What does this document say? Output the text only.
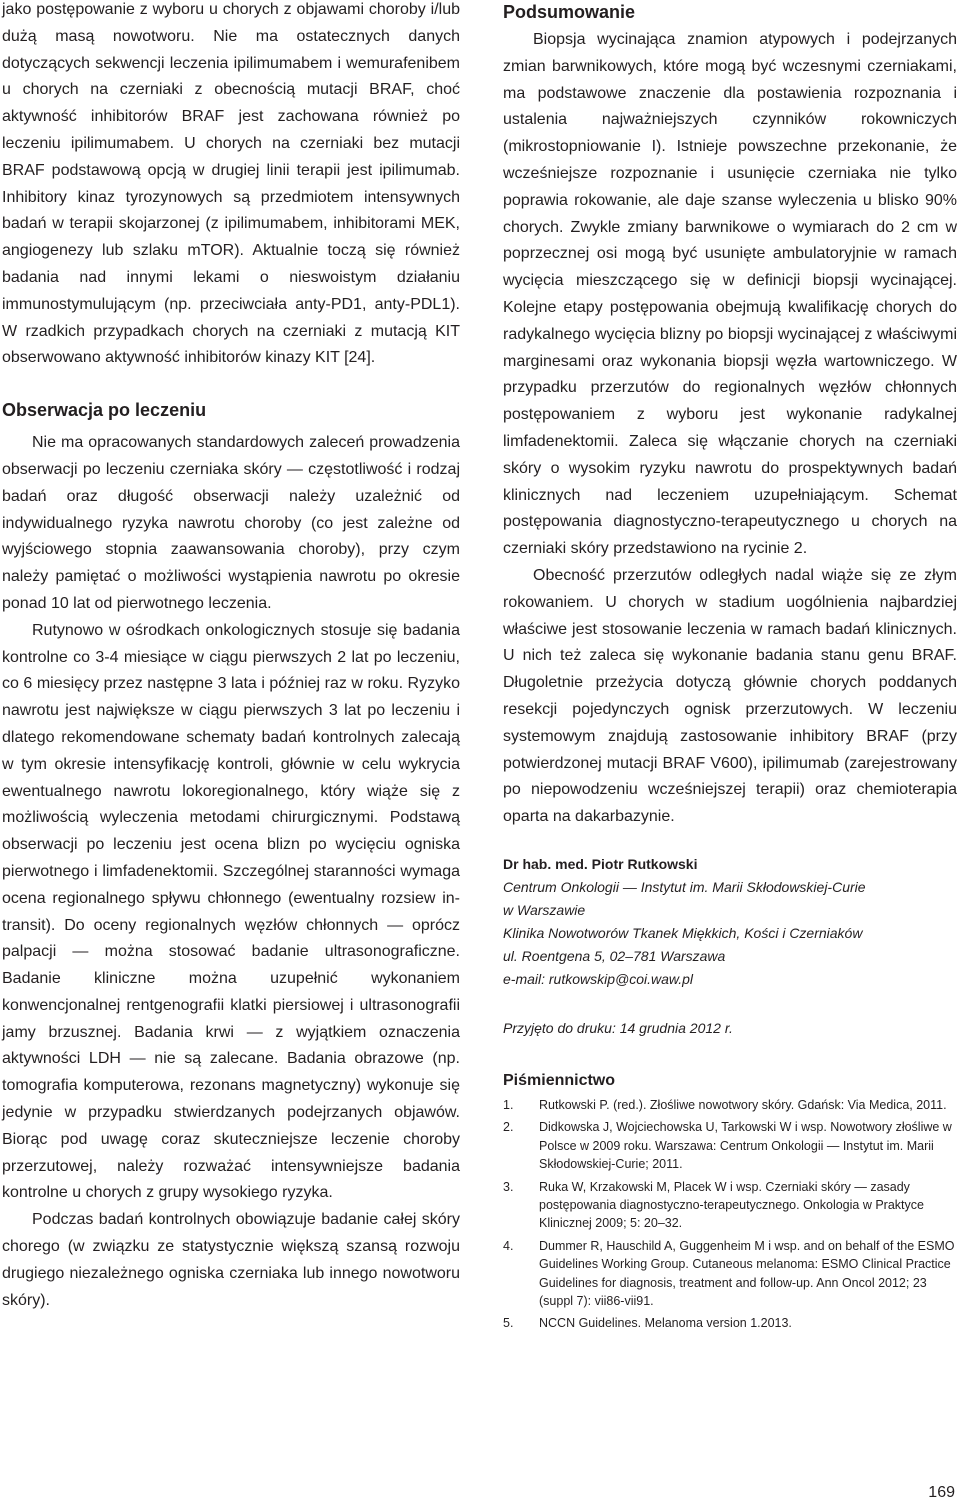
jako postępowanie z wyboru u chorych z objawami choroby i/lub dużą masą nowotworu. Nie ma ostatecznych danych dotyczących sekwencji leczenia ipilimumabem i wemurafenibem u chorych na czerniaki z obecnością mutacji BRAF, choć aktywność inhibitorów BRAF jest zachowana również po leczeniu ipilimumabem. U chorych na czerniaki bez mutacji BRAF podstawową opcją w drugiej linii terapii jest ipilimumab. Inhibitory kinaz tyrozynowych są przedmiotem intensywnych badań w terapii skojarzonej (z ipilimumabem, inhibitorami MEK, angiogenezy lub szlaku mTOR). Aktualnie toczą się również badania nad innymi lekami o nieswoistym działaniu immunostymulującym (np. przeciwciała anty-PD1, anty-PDL1). W rzadkich przypadkach chorych na czerniaki z mutacją KIT obserwowano aktywność inhibitorów kinazy KIT [24].

Obserwacja po leczeniu

Nie ma opracowanych standardowych zaleceń prowadzenia obserwacji po leczeniu czerniaka skóry — częstotliwość i rodzaj badań oraz długość obserwacji należy uzależnić od indywidualnego ryzyka nawrotu choroby (co jest zależne od wyjściowego stopnia zaawansowania choroby), przy czym należy pamiętać o możliwości wystąpienia nawrotu po okresie ponad 10 lat od pierwotnego leczenia.

Rutynowo w ośrodkach onkologicznych stosuje się badania kontrolne co 3-4 miesiące w ciągu pierwszych 2 lat po leczeniu, co 6 miesięcy przez następne 3 lata i później raz w roku. Ryzyko nawrotu jest największe w ciągu pierwszych 3 lat po leczeniu i dlatego rekomendowane schematy badań kontrolnych zalecają w tym okresie intensyfikację kontroli, głównie w celu wykrycia ewentualnego nawrotu lokoregionalnego, który wiąże się z możliwością wyleczenia metodami chirurgicznymi. Podstawą obserwacji po leczeniu jest ocena blizn po wycięciu ogniska pierwotnego i limfadenektomii. Szczególnej staranności wymaga ocena regionalnego spływu chłonnego (ewentualny rozsiew in-transit). Do oceny regionalnych węzłów chłonnych — oprócz palpacji — można stosować badanie ultrasonograficzne. Badanie kliniczne można uzupełnić wykonaniem konwencjonalnej rentgenografii klatki piersiowej i ultrasonografii jamy brzusznej. Badania krwi — z wyjątkiem oznaczenia aktywności LDH — nie są zalecane. Badania obrazowe (np. tomografia komputerowa, rezonans magnetyczny) wykonuje się jedynie w przypadku stwierdzanych podejrzanych objawów. Biorąc pod uwagę coraz skuteczniejsze leczenie choroby przerzutowej, należy rozważać intensywniejsze badania kontrolne u chorych z grupy wysokiego ryzyka.

Podczas badań kontrolnych obowiązuje badanie całej skóry chorego (w związku ze statystycznie większą szansą rozwoju drugiego niezależnego ogniska czerniaka lub innego nowotworu skóry).

Podsumowanie

Biopsja wycinająca znamion atypowych i podejrzanych zmian barwnikowych, które mogą być wczesnymi czerniakami, ma podstawowe znaczenie dla postawienia rozpoznania i ustalenia najważniejszych czynników rokowniczych (mikrostopniowanie I). Istnieje powszechne przekonanie, że wcześniejsze rozpoznanie i usunięcie czerniaka nie tylko poprawia rokowanie, ale daje szanse wyleczenia u blisko 90% chorych. Zwykle zmiany barwnikowe o wymiarach do 2 cm w poprzecznej osi mogą być usunięte ambulatoryjnie w ramach wycięcia mieszczącego się w definicji biopsji wycinającej. Kolejne etapy postępowania obejmują kwalifikację chorych do radykalnego wycięcia blizny po biopsji wycinającej z właściwymi marginesami oraz wykonania biopsji węzła wartowniczego. W przypadku przerzutów do regionalnych węzłów chłonnych postępowaniem z wyboru jest wykonanie radykalnej limfadenektomii. Zaleca się włączanie chorych na czerniaki skóry o wysokim ryzyku nawrotu do prospektywnych badań klinicznych nad leczeniem uzupełniającym. Schemat postępowania diagnostyczno-terapeutycznego u chorych na czerniaki skóry przedstawiono na rycinie 2.

Obecność przerzutów odległych nadal wiąże się ze złym rokowaniem. U chorych w stadium uogólnienia najbardziej właściwe jest stosowanie leczenia w ramach badań klinicznych. U nich też zaleca się wykonanie badania stanu genu BRAF. Długoletnie przeżycia dotyczą głównie chorych poddanych resekcji pojedynczych ognisk przerzutowych. W leczeniu systemowym znajdują zastosowanie inhibitory BRAF (przy potwierdzonej mutacji BRAF V600), ipilimumab (zarejestrowany po niepowodzeniu wcześniejszej terapii) oraz chemioterapia oparta na dakarbazynie.

Dr hab. med. Piotr Rutkowski

Centrum Onkologii — Instytut im. Marii Skłodowskiej-Curie

w Warszawie

Klinika Nowotworów Tkanek Miękkich, Kości i Czerniaków

ul. Roentgena 5, 02–781 Warszawa

e-mail: rutkowskip@coi.waw.pl

Przyjęto do druku: 14 grudnia 2012 r.

Piśmiennictwo
1.	Rutkowski P. (red.). Złośliwe nowotwory skóry. Gdańsk: Via Medica, 2011.
2.	Didkowska J, Wojciechowska U, Tarkowski W i wsp. Nowotwory złośliwe w Polsce w 2009 roku. Warszawa: Centrum Onkologii — Instytut im. Marii Skłodowskiej-Curie; 2011.
3.	Ruka W, Krzakowski M, Placek W i wsp. Czerniaki skóry — zasady postępowania diagnostyczno-terapeutycznego. Onkologia w Praktyce Klinicznej 2009; 5: 20–32.
4.	Dummer R, Hauschild A, Guggenheim M i wsp. and on behalf of the ESMO Guidelines Working Group. Cutaneous melanoma: ESMO Clinical Practice Guidelines for diagnosis, treatment and follow-up. Ann Oncol 2012; 23 (suppl 7): vii86-vii91.
5.	NCCN Guidelines. Melanoma version 1.2013.
169
